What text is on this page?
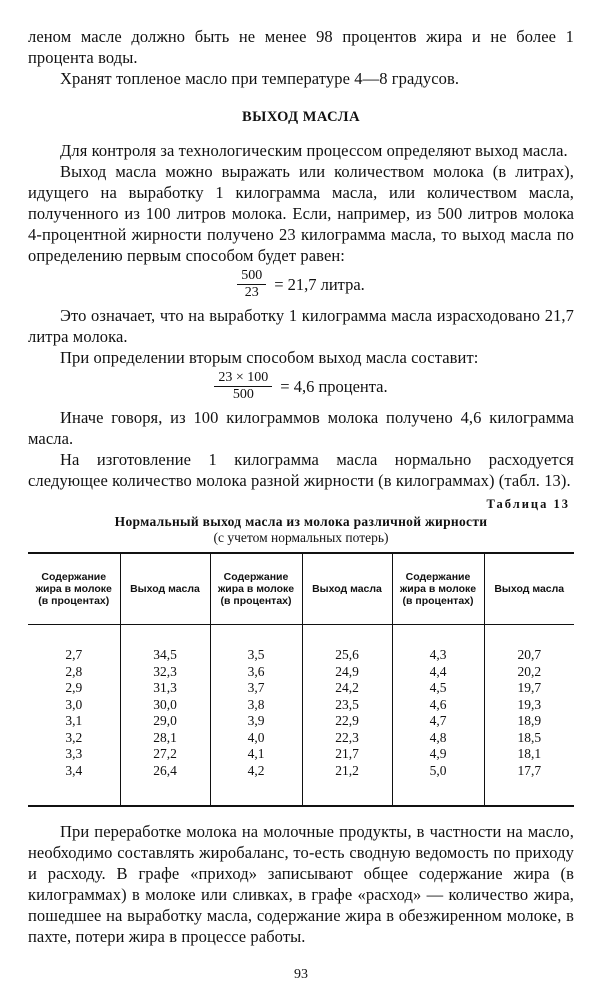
леном масле должно быть не менее 98 процентов жира и не более 1 процента воды.

Хранят топленое масло при температуре 4—8 градусов.

ВЫХОД МАСЛА

Для контроля за технологическим процессом определяют выход масла.

Выход масла можно выражать или количеством молока (в литрах), идущего на выработку 1 килограмма масла, или количеством масла, полученного из 100 литров молока. Если, например, из 500 литров молока 4-процентной жирности получено 23 килограмма масла, то выход масла по определению первым способом будет равен:

$\frac{500}{23} = 21,7$ литра.

Это означает, что на выработку 1 килограмма масла израсходовано 21,7 литра молока.

При определении вторым способом выход масла составит:

$\frac{23 \times 100}{500} = 4,6$ процента.

Иначе говоря, из 100 килограммов молока получено 4,6 килограмма масла.

На изготовление 1 килограмма масла нормально расходуется следующее количество молока разной жирности (в килограммах) (табл. 13).

Таблица 13

Нормальный выход масла из молока различной жирности

(с учетом нормальных потерь)

Содержание жира в молоке (в процентах)	Выход масла	Содержание жира в молоке (в процентах)	Выход масла	Содержание жира в молоке (в процентах)	Выход масла
2,7	34,5	3,5	25,6	4,3	20,7
2,8	32,3	3,6	24,9	4,4	20,2
2,9	31,3	3,7	24,2	4,5	19,7
3,0	30,0	3,8	23,5	4,6	19,3
3,1	29,0	3,9	22,9	4,7	18,9
3,2	28,1	4,0	22,3	4,8	18,5
3,3	27,2	4,1	21,7	4,9	18,1
3,4	26,4	4,2	21,2	5,0	17,7

При переработке молока на молочные продукты, в частности на масло, необходимо составлять жиробаланс, то-есть сводную ведомость по приходу и расходу. В графе «приход» записывают общее содержание жира (в килограммах) в молоке или сливках, в графе «расход» — количество жира, пошедшее на выработку масла, содержание жира в обезжиренном молоке, в пахте, потери жира в процессе работы.

93
